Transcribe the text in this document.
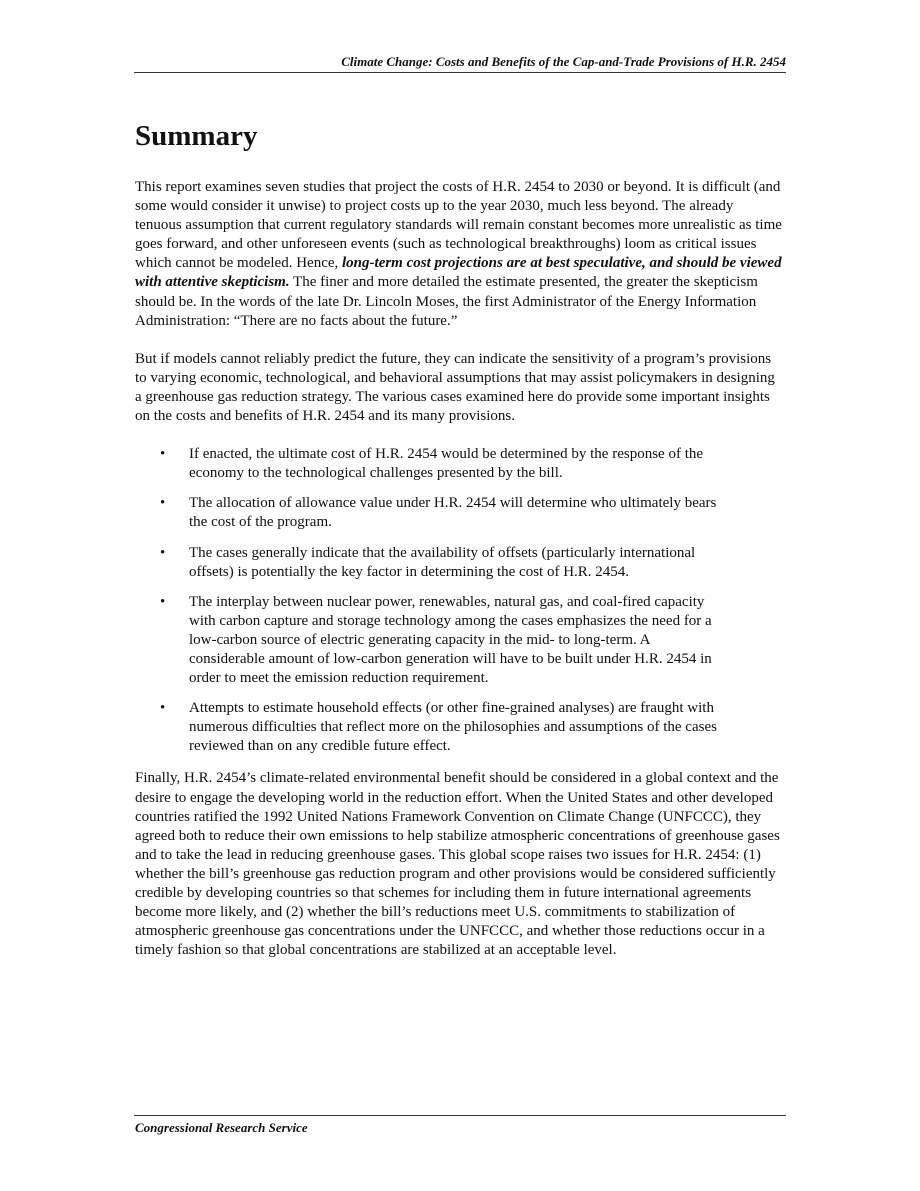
Climate Change: Costs and Benefits of the Cap-and-Trade Provisions of H.R. 2454
Summary

This report examines seven studies that project the costs of H.R. 2454 to 2030 or beyond. It is difficult (and some would consider it unwise) to project costs up to the year 2030, much less beyond. The already tenuous assumption that current regulatory standards will remain constant becomes more unrealistic as time goes forward, and other unforeseen events (such as technological breakthroughs) loom as critical issues which cannot be modeled. Hence, long-term cost projections are at best speculative, and should be viewed with attentive skepticism. The finer and more detailed the estimate presented, the greater the skepticism should be. In the words of the late Dr. Lincoln Moses, the first Administrator of the Energy Information Administration: “There are no facts about the future.”

But if models cannot reliably predict the future, they can indicate the sensitivity of a program’s provisions to varying economic, technological, and behavioral assumptions that may assist policymakers in designing a greenhouse gas reduction strategy. The various cases examined here do provide some important insights on the costs and benefits of H.R. 2454 and its many provisions.

• If enacted, the ultimate cost of H.R. 2454 would be determined by the response of the economy to the technological challenges presented by the bill.
• The allocation of allowance value under H.R. 2454 will determine who ultimately bears the cost of the program.
• The cases generally indicate that the availability of offsets (particularly international offsets) is potentially the key factor in determining the cost of H.R. 2454.
• The interplay between nuclear power, renewables, natural gas, and coal-fired capacity with carbon capture and storage technology among the cases emphasizes the need for a low-carbon source of electric generating capacity in the mid- to long-term. A considerable amount of low-carbon generation will have to be built under H.R. 2454 in order to meet the emission reduction requirement.
• Attempts to estimate household effects (or other fine-grained analyses) are fraught with numerous difficulties that reflect more on the philosophies and assumptions of the cases reviewed than on any credible future effect.

Finally, H.R. 2454’s climate-related environmental benefit should be considered in a global context and the desire to engage the developing world in the reduction effort. When the United States and other developed countries ratified the 1992 United Nations Framework Convention on Climate Change (UNFCCC), they agreed both to reduce their own emissions to help stabilize atmospheric concentrations of greenhouse gases and to take the lead in reducing greenhouse gases. This global scope raises two issues for H.R. 2454: (1) whether the bill’s greenhouse gas reduction program and other provisions would be considered sufficiently credible by developing countries so that schemes for including them in future international agreements become more likely, and (2) whether the bill’s reductions meet U.S. commitments to stabilization of atmospheric greenhouse gas concentrations under the UNFCCC, and whether those reductions occur in a timely fashion so that global concentrations are stabilized at an acceptable level.

Congressional Research Service
